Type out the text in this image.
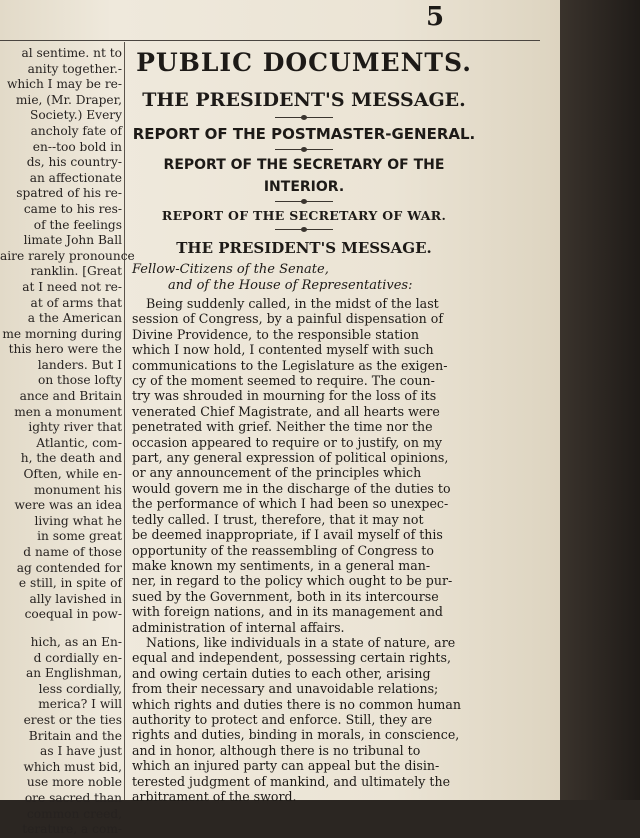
5
al sentime. nt to
anity together.-
which I may be re-
mie, (Mr. Draper,
Society.) Every
ancholy fate of
en--too bold in
ds, his country-
an affectionate
spatred of his re-
came to his res-
of the feelings
limate John Ball
aire rarely pronounce
ranklin. [Great
at I need not re-
at of arms that
a the American
me morning during
this hero were the
landers. But I
on those lofty
ance and Britain
men a monument
ighty river that
Atlantic, com-
h, the death and
Often, while en-
monument his
were was an idea
living what he
in some great
d name of those
ag contended for
e still, in spite of
ally lavished in
coequal in pow-
hich, as an En-
d cordially en-
an Englishman,
less cordially,
merica? I will
erest or the ties
Britain and the
as I have just
which must bid,
use more noble
ore sacred than
common creed,
terature, a com-
PUBLIC DOCUMENTS.
THE PRESIDENT'S MESSAGE.
REPORT OF THE POSTMASTER-GENERAL.
REPORT OF THE SECRETARY OF THE INTERIOR.
REPORT OF THE SECRETARY OF WAR.
THE PRESIDENT'S MESSAGE.

Fellow-Citizens of the Senate,
and of the House of Representatives:

Being suddenly called, in the midst of the last
session of Congress, by a painful dispensation of
Divine Providence, to the responsible station
which I now hold, I contented myself with such
communications to the Legislature as the exigen-
cy of the moment seemed to require. The coun-
try was shrouded in mourning for the loss of its
venerated Chief Magistrate, and all hearts were
penetrated with grief. Neither the time nor the
occasion appeared to require or to justify, on my
part, any general expression of political opinions,
or any announcement of the principles which
would govern me in the discharge of the duties to
the performance of which I had been so unexpec-
tedly called. I trust, therefore, that it may not
be deemed inappropriate, if I avail myself of this
opportunity of the reassembling of Congress to
make known my sentiments, in a general man-
ner, in regard to the policy which ought to be pur-
sued by the Government, both in its intercourse
with foreign nations, and in its management and
administration of internal affairs.
Nations, like individuals in a state of nature, are
equal and independent, possessing certain rights,
and owing certain duties to each other, arising
from their necessary and unavoidable relations;
which rights and duties there is no common human
authority to protect and enforce. Still, they are
rights and duties, binding in morals, in conscience,
and in honor, although there is no tribunal to
which an injured party can appeal but the disin-
terested judgment of mankind, and ultimately the
arbitrament of the sword.
